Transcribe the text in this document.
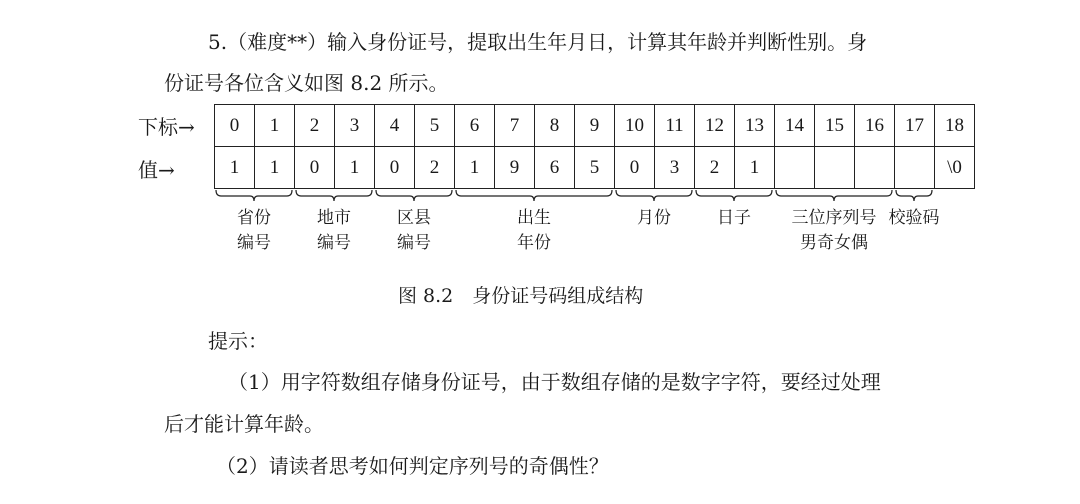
5.（难度**）输入身份证号，提取出生年月日，计算其年龄并判断性别。身
份证号各位含义如图 8.2 所示。
下标→
值→
0	1	2	3	4	5	6	7	8	9	10	11	12	13	14	15	16	17	18
1	1	0	1	0	2	1	9	6	5	0	3	2	1					\0
省份
编号
地市
编号
区县
编号
出生
年份
月份	日子	三位序列号
男奇女偶
校验码
图 8.2　身份证号码组成结构
提示：
（1）用字符数组存储身份证号，由于数组存储的是数字字符，要经过处理
后才能计算年龄。
（2）请读者思考如何判定序列号的奇偶性？
